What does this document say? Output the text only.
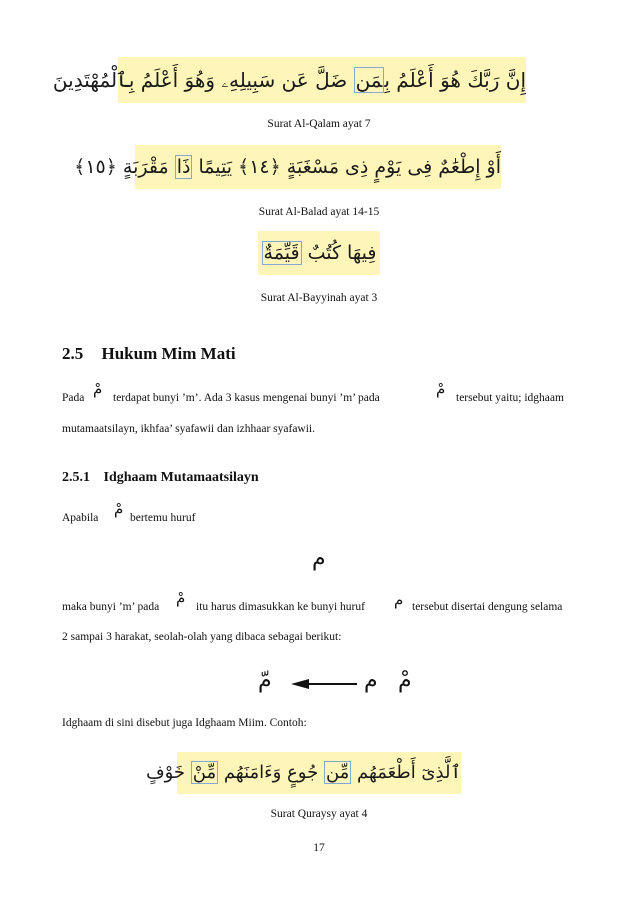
إِنَّ رَبَّكَ هُوَ أَعْلَمُ بِمَن ضَلَّ عَن سَبِيلِهِۦ وَهُوَ أَعْلَمُ بِٱلْمُهْتَدِينَ
Surat Al-Qalam ayat 7
أَوْ إِطْعَٰمٌ فِى يَوْمٍ ذِى مَسْغَبَةٍ ﴿١٤﴾ يَتِيمًا ذَا مَقْرَبَةٍ ﴿١٥﴾
Surat Al-Balad ayat 14-15
فِيهَا كُتُبٌ قَيِّمَةٌ
Surat Al-Bayyinah ayat 3
2.5 Hukum Mim Mati
Pada مْ terdapat bunyi ’m’. Ada 3 kasus mengenai bunyi ’m’ pada	مْ tersebut yaitu; idghaam
mutamaatsilayn, ikhfaa’ syafawii dan izhhaar syafawii.
2.5.1 Idghaam Mutamaatsilayn
Apabila مْ bertemu huruf
م
maka bunyi ’m’ pada مْ itu harus dimasukkan ke bunyi huruf م tersebut disertai dengung selama
2 sampai 3 harakat, seolah-olah yang dibaca sebagai berikut:
مّ	م مْ
Idghaam di sini disebut juga Idghaam Miim. Contoh:
ٱلَّذِىٓ أَطْعَمَهُم مِّن جُوعٍ وَءَامَنَهُم مِّنْ خَوْفٍ
Surat Quraysy ayat 4
17
